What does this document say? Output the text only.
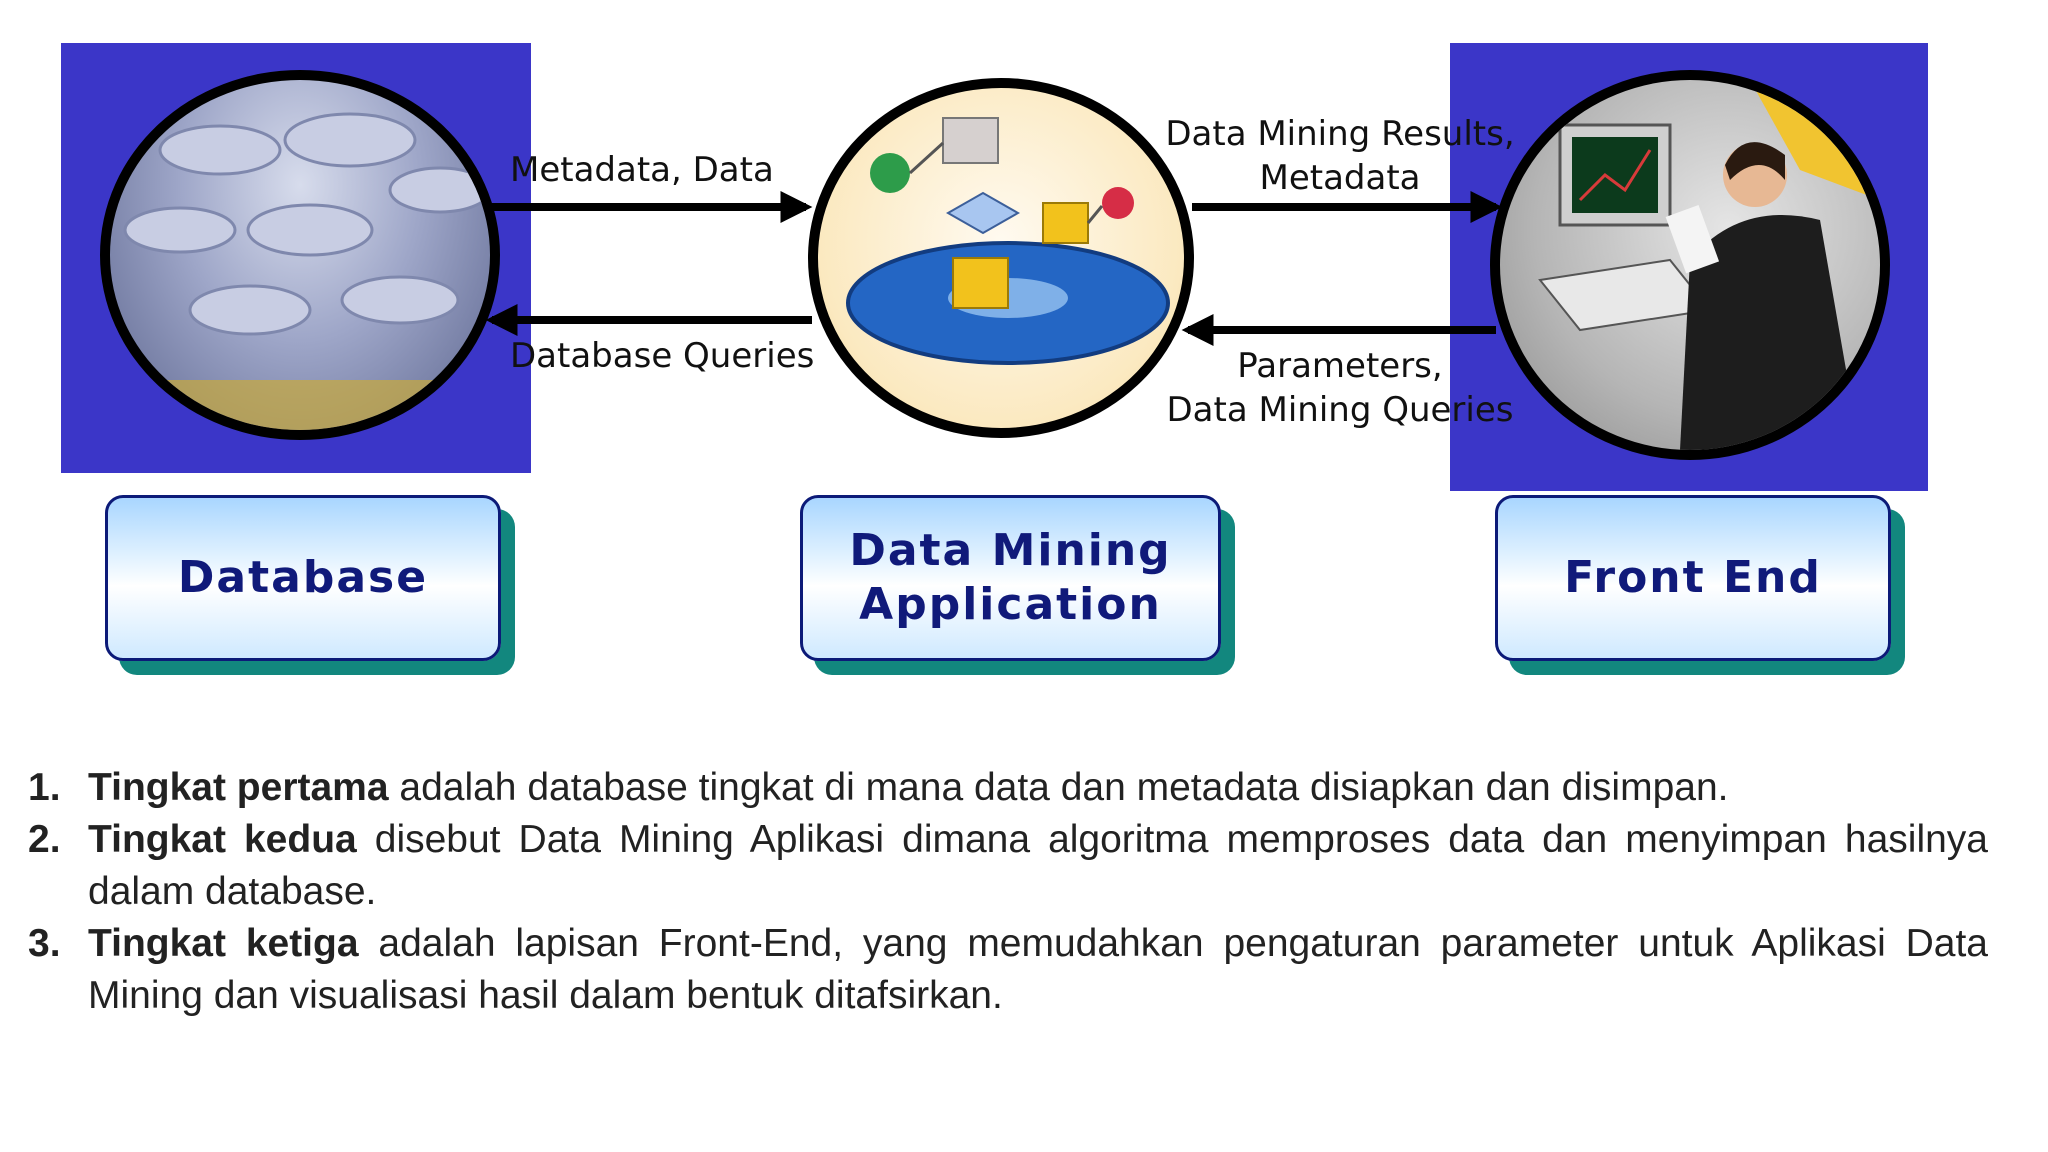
Metadata, Data
Database Queries
Data Mining Results,
Metadata
Parameters,
Data Mining Queries
Database
Data Mining
Application
Front End
1. Tingkat pertama adalah database tingkat di mana data dan metadata disiapkan dan disimpan.
2. Tingkat kedua disebut Data Mining Aplikasi dimana algoritma memproses data dan menyimpan hasilnya dalam database.
3. Tingkat ketiga adalah lapisan Front-End, yang memudahkan pengaturan parameter untuk Aplikasi Data Mining dan visualisasi hasil dalam bentuk ditafsirkan.
